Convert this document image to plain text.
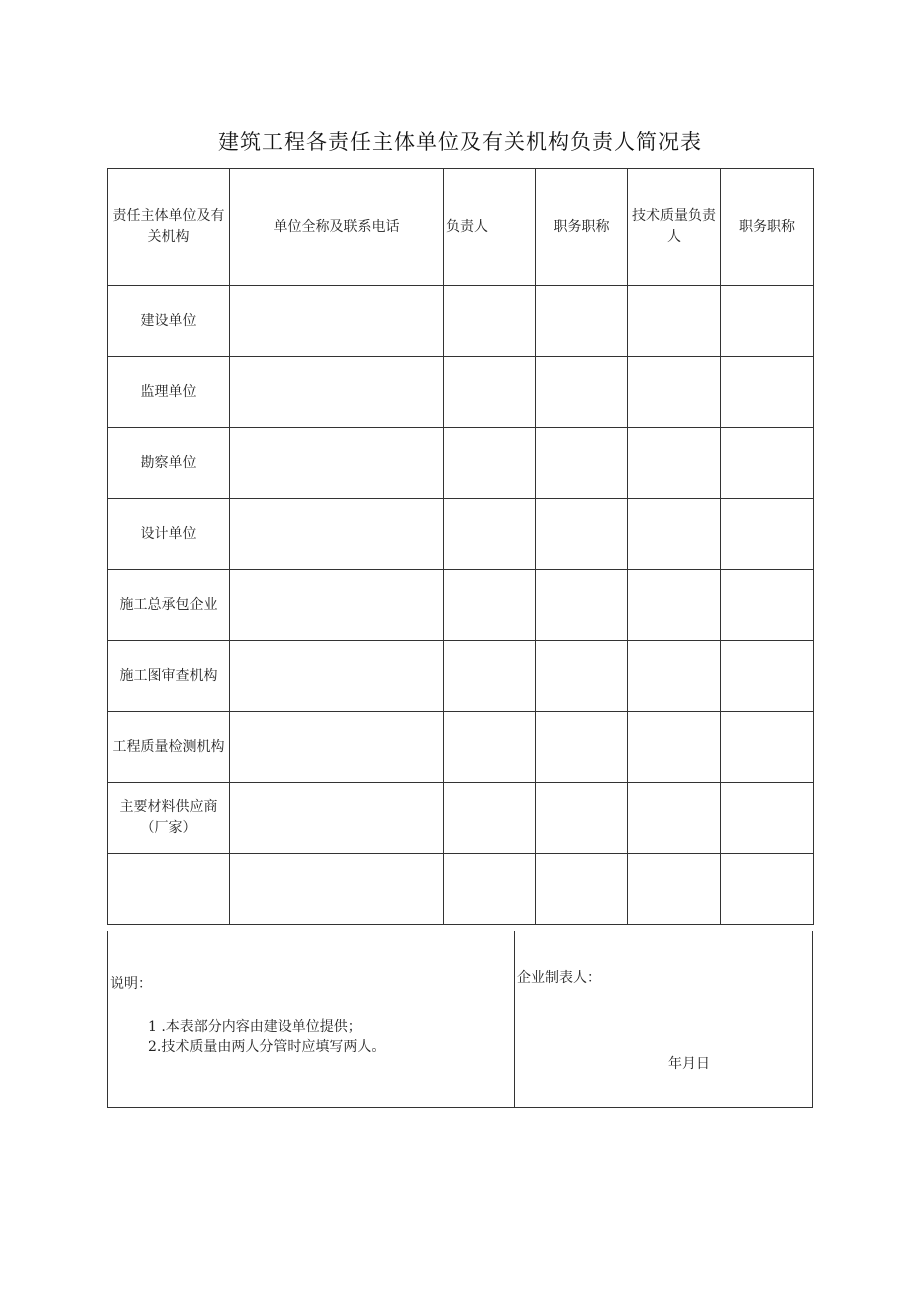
建筑工程各责任主体单位及有关机构负责人简况表
责任主体单位及有关机构	单位全称及联系电话	负责人	职务职称	技术质量负责人	职务职称
建设单位					
监理单位					
勘察单位					
设计单位					
施工总承包企业					
施工图审查机构					
工程质量检测机构					
主要材料供应商（厂家）					

说明：
1 .本表部分内容由建设单位提供；
2.技术质量由两人分管时应填写两人。
企业制表人：
年月日
